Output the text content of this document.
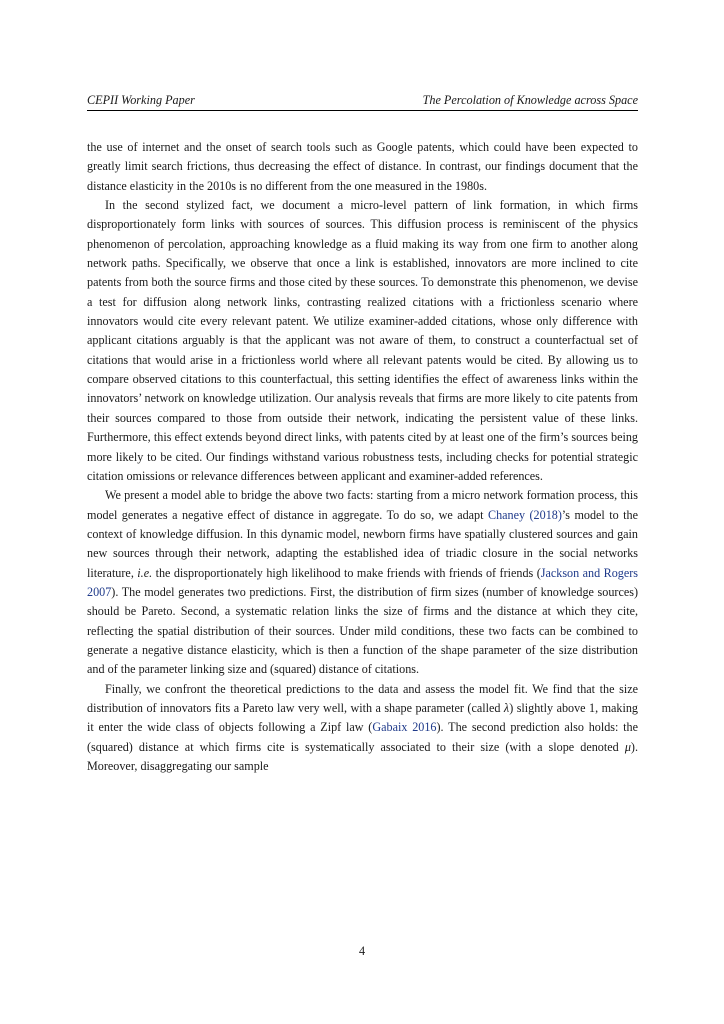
CEPII Working Paper	The Percolation of Knowledge across Space

the use of internet and the onset of search tools such as Google patents, which could have been expected to greatly limit search frictions, thus decreasing the effect of distance. In contrast, our findings document that the distance elasticity in the 2010s is no different from the one measured in the 1980s.

In the second stylized fact, we document a micro-level pattern of link formation, in which firms disproportionately form links with sources of sources. This diffusion process is reminiscent of the physics phenomenon of percolation, approaching knowledge as a fluid making its way from one firm to another along network paths. Specifically, we observe that once a link is established, innovators are more inclined to cite patents from both the source firms and those cited by these sources. To demonstrate this phenomenon, we devise a test for diffusion along network links, contrasting realized citations with a frictionless scenario where innovators would cite every relevant patent. We utilize examiner-added citations, whose only difference with applicant citations arguably is that the applicant was not aware of them, to construct a counterfactual set of citations that would arise in a frictionless world where all relevant patents would be cited. By allowing us to compare observed citations to this counterfactual, this setting identifies the effect of awareness links within the innovators’ network on knowledge utilization. Our analysis reveals that firms are more likely to cite patents from their sources compared to those from outside their network, indicating the persistent value of these links. Furthermore, this effect extends beyond direct links, with patents cited by at least one of the firm’s sources being more likely to be cited. Our findings withstand various robustness tests, including checks for potential strategic citation omissions or relevance differences between applicant and examiner-added references.

We present a model able to bridge the above two facts: starting from a micro network formation process, this model generates a negative effect of distance in aggregate. To do so, we adapt Chaney (2018)’s model to the context of knowledge diffusion. In this dynamic model, newborn firms have spatially clustered sources and gain new sources through their network, adapting the established idea of triadic closure in the social networks literature, i.e. the disproportionately high likelihood to make friends with friends of friends (Jackson and Rogers 2007). The model generates two predictions. First, the distribution of firm sizes (number of knowledge sources) should be Pareto. Second, a systematic relation links the size of firms and the distance at which they cite, reflecting the spatial distribution of their sources. Under mild conditions, these two facts can be combined to generate a negative distance elasticity, which is then a function of the shape parameter of the size distribution and of the parameter linking size and (squared) distance of citations.

Finally, we confront the theoretical predictions to the data and assess the model fit. We find that the size distribution of innovators fits a Pareto law very well, with a shape parameter (called λ) slightly above 1, making it enter the wide class of objects following a Zipf law (Gabaix 2016). The second prediction also holds: the (squared) distance at which firms cite is systematically associated to their size (with a slope denoted μ). Moreover, disaggregating our sample

4
